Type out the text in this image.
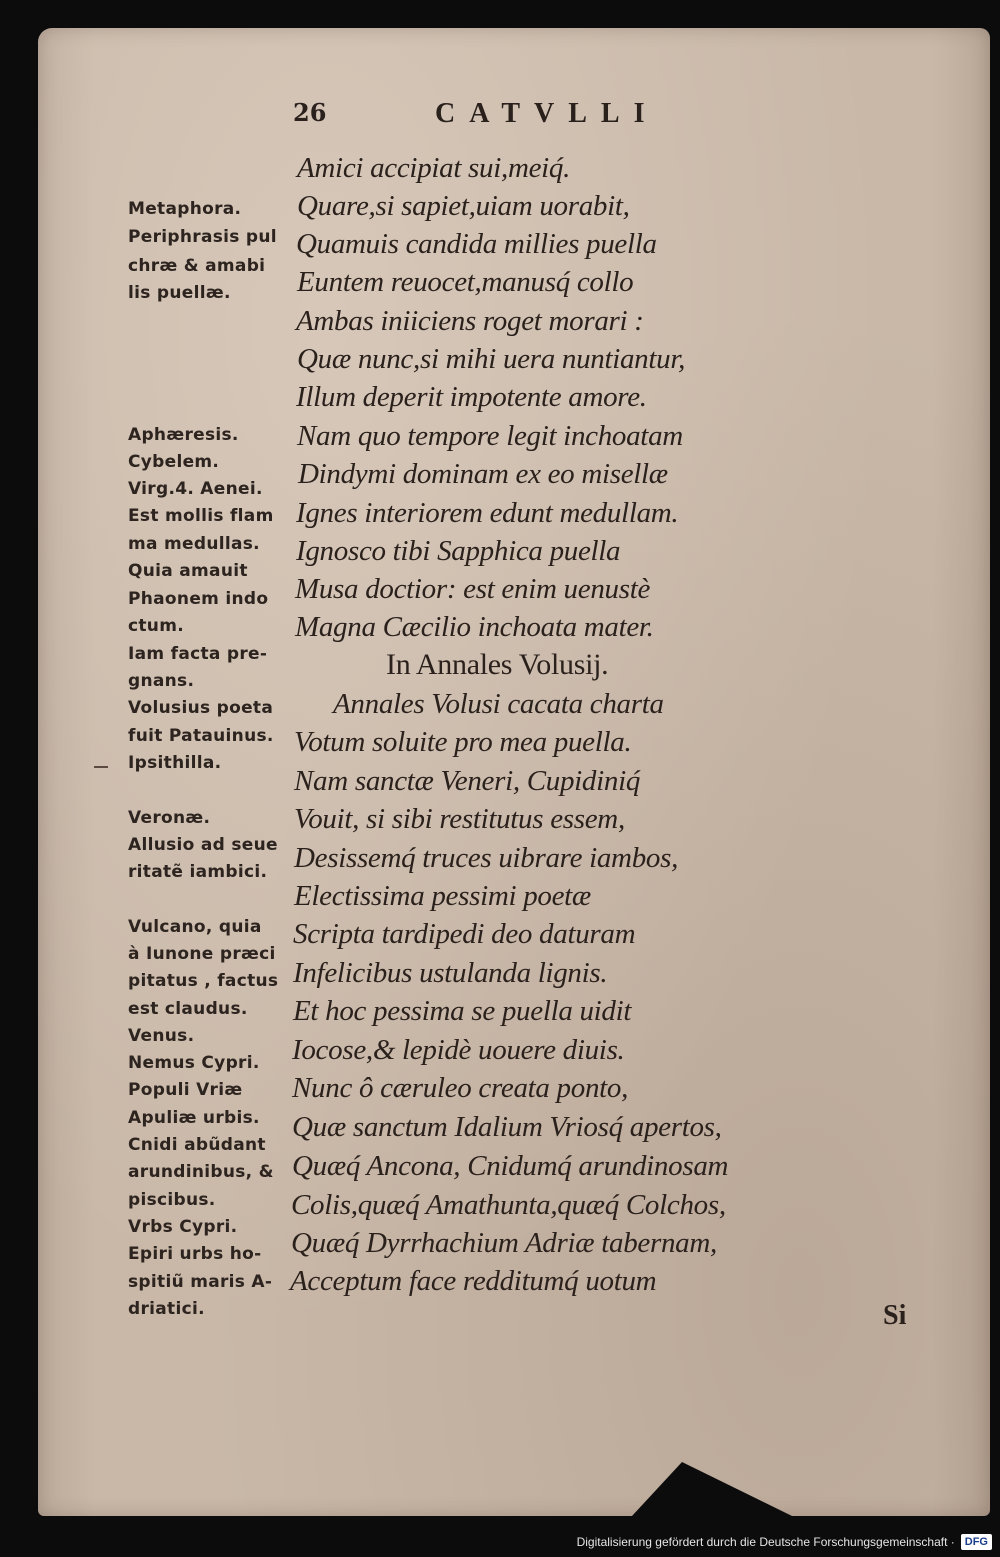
26	CATVLLI
Amici accipiat sui,meiq́.
Quare,si sapiet,uiam uorabit,
Quamuis candida millies puella
Euntem reuocet,manusq́ collo
Ambas iniiciens roget morari :
Quæ nunc,si mihi uera nuntiantur,
Illum deperit impotente amore.
Nam quo tempore legit inchoatam
Dindymi dominam ex eo misellæ
Ignes interiorem edunt medullam.
Ignosco tibi Sapphica puella
Musa doctior: est enim uenustè
Magna Cæcilio inchoata mater.
In Annales Volusij.
Annales Volusi cacata charta
Votum soluite pro mea puella.
Nam sanctæ Veneri, Cupidiniq́
Vouit, si sibi restitutus essem,
Desissemq́ truces uibrare iambos,
Electissima pessimi poetæ
Scripta tardipedi deo daturam
Infelicibus ustulanda lignis.
Et hoc pessima se puella uidit
Iocose,& lepidè uouere diuis.
Nunc ô cæruleo creata ponto,
Quæ sanctum Idalium Vriosq́ apertos,
Quæq́ Ancona, Cnidumq́ arundinosam
Colis,quæq́ Amathunta,quæq́ Colchos,
Quæq́ Dyrrhachium Adriæ tabernam,
Acceptum face redditumq́ uotum
Metaphora.
Periphrasis pul
chræ & amabi
lis puellæ.
Aphæresis.
Cybelem.
Virg.4. Aenei.
Est mollis flam
ma medullas.
Quia amauit
Phaonem indo
ctum.
Iam facta pre-
gnans.
Volusius poeta
fuit Patauinus.
Ipsithilla.
Veronæ.
Allusio ad seue
ritatẽ iambici.
Vulcano, quia
à Iunone præci
pitatus , factus
est claudus.
Venus.
Nemus Cypri.
Populi Vriæ
Apuliæ urbis.
Cnidi abũdant
arundinibus, &
piscibus.
Vrbs Cypri.
Epiri urbs ho-
spitiũ maris A-
driatici.	Si
Digitalisierung gefördert durch die Deutsche Forschungsgemeinschaft · DFG
